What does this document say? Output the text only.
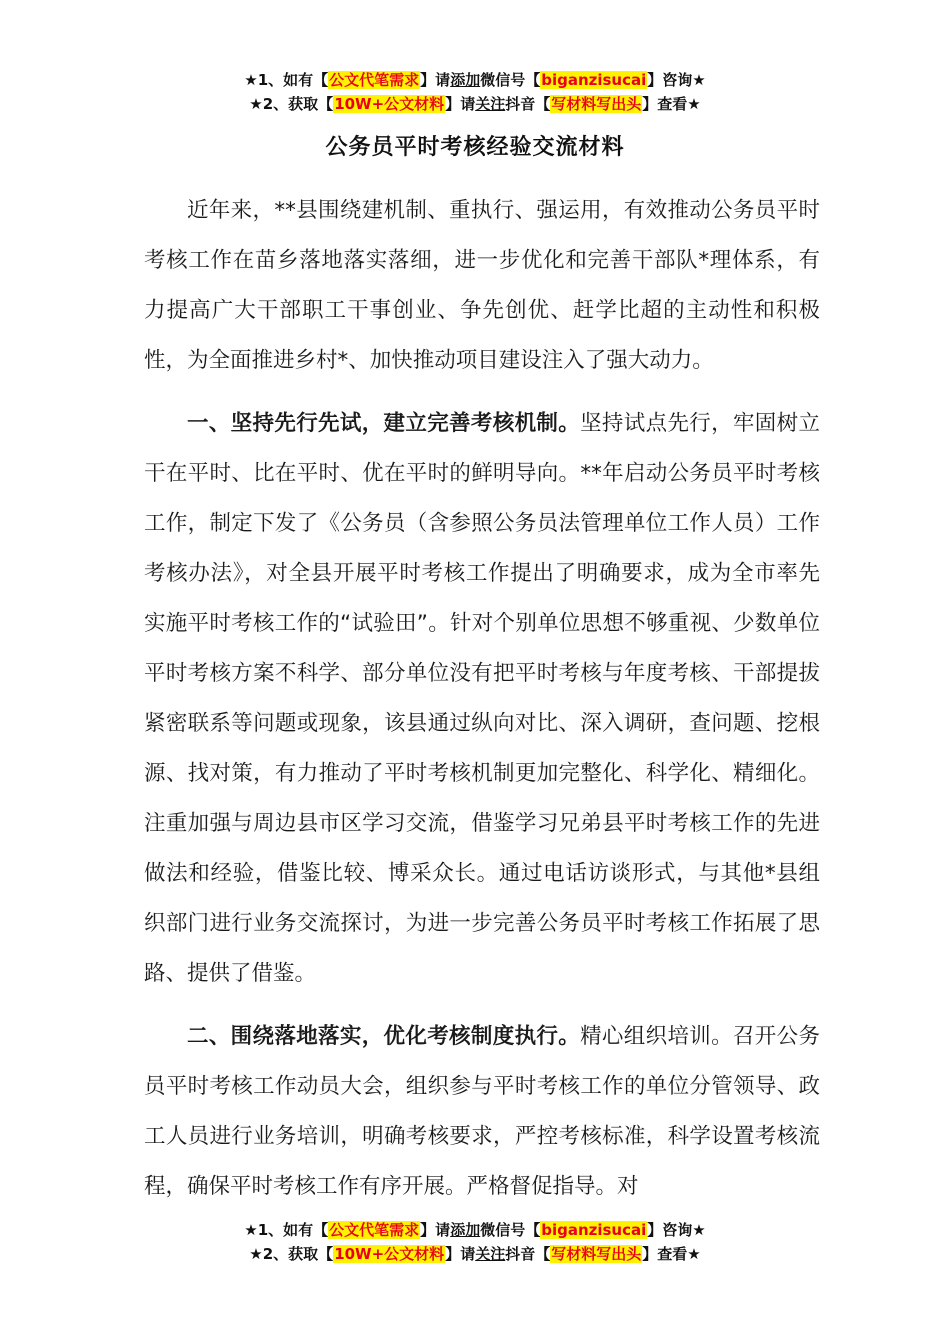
★1、如有【公文代笔需求】请添加微信号【biganzisucai】咨询★
★2、获取【10W+公文材料】请关注抖音【写材料写出头】查看★
公务员平时考核经验交流材料

近年来，**县围绕建机制、重执行、强运用，有效推动公务员平时考核工作在苗乡落地落实落细，进一步优化和完善干部队*理体系，有力提高广大干部职工干事创业、争先创优、赶学比超的主动性和积极性，为全面推进乡村*、加快推动项目建设注入了强大动力。

一、坚持先行先试，建立完善考核机制。坚持试点先行，牢固树立干在平时、比在平时、优在平时的鲜明导向。**年启动公务员平时考核工作，制定下发了《公务员（含参照公务员法管理单位工作人员）工作考核办法》，对全县开展平时考核工作提出了明确要求，成为全市率先实施平时考核工作的“试验田”。针对个别单位思想不够重视、少数单位平时考核方案不科学、部分单位没有把平时考核与年度考核、干部提拔紧密联系等问题或现象，该县通过纵向对比、深入调研，查问题、挖根源、找对策，有力推动了平时考核机制更加完整化、科学化、精细化。注重加强与周边县市区学习交流，借鉴学习兄弟县平时考核工作的先进做法和经验，借鉴比较、博采众长。通过电话访谈形式，与其他*县组织部门进行业务交流探讨，为进一步完善公务员平时考核工作拓展了思路、提供了借鉴。

二、围绕落地落实，优化考核制度执行。精心组织培训。召开公务员平时考核工作动员大会，组织参与平时考核工作的单位分管领导、政工人员进行业务培训，明确考核要求，严控考核标准，科学设置考核流程，确保平时考核工作有序开展。严格督促指导。对

★1、如有【公文代笔需求】请添加微信号【biganzisucai】咨询★
★2、获取【10W+公文材料】请关注抖音【写材料写出头】查看★
